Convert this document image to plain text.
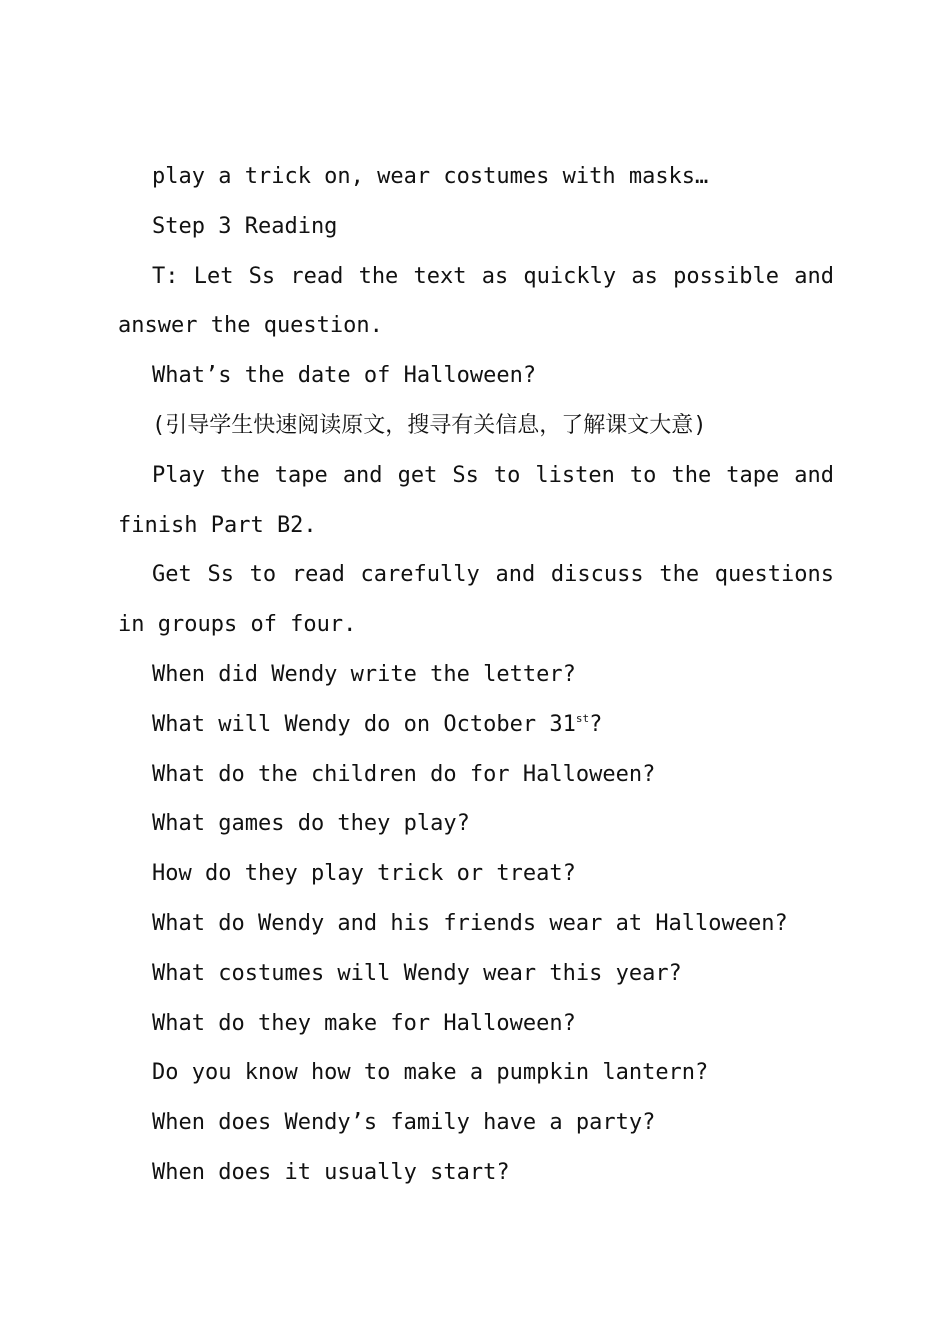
play a trick on, wear costumes with masks…

Step 3 Reading

T: Let Ss read the text as quickly as possible and answer the question.

What’s the date of Halloween?

(引导学生快速阅读原文，搜寻有关信息，了解课文大意)

Play the tape and get Ss to listen to the tape and finish Part B2.

Get Ss to read carefully and discuss the questions in groups of four.

When did Wendy write the letter?

What will Wendy do on October 31st?

What do the children do for Halloween?

What games do they play?

How do they play trick or treat?

What do Wendy and his friends wear at Halloween?

What costumes will Wendy wear this year?

What do they make for Halloween?

Do you know how to make a pumpkin lantern?

When does Wendy’s family have a party?

When does it usually start?
